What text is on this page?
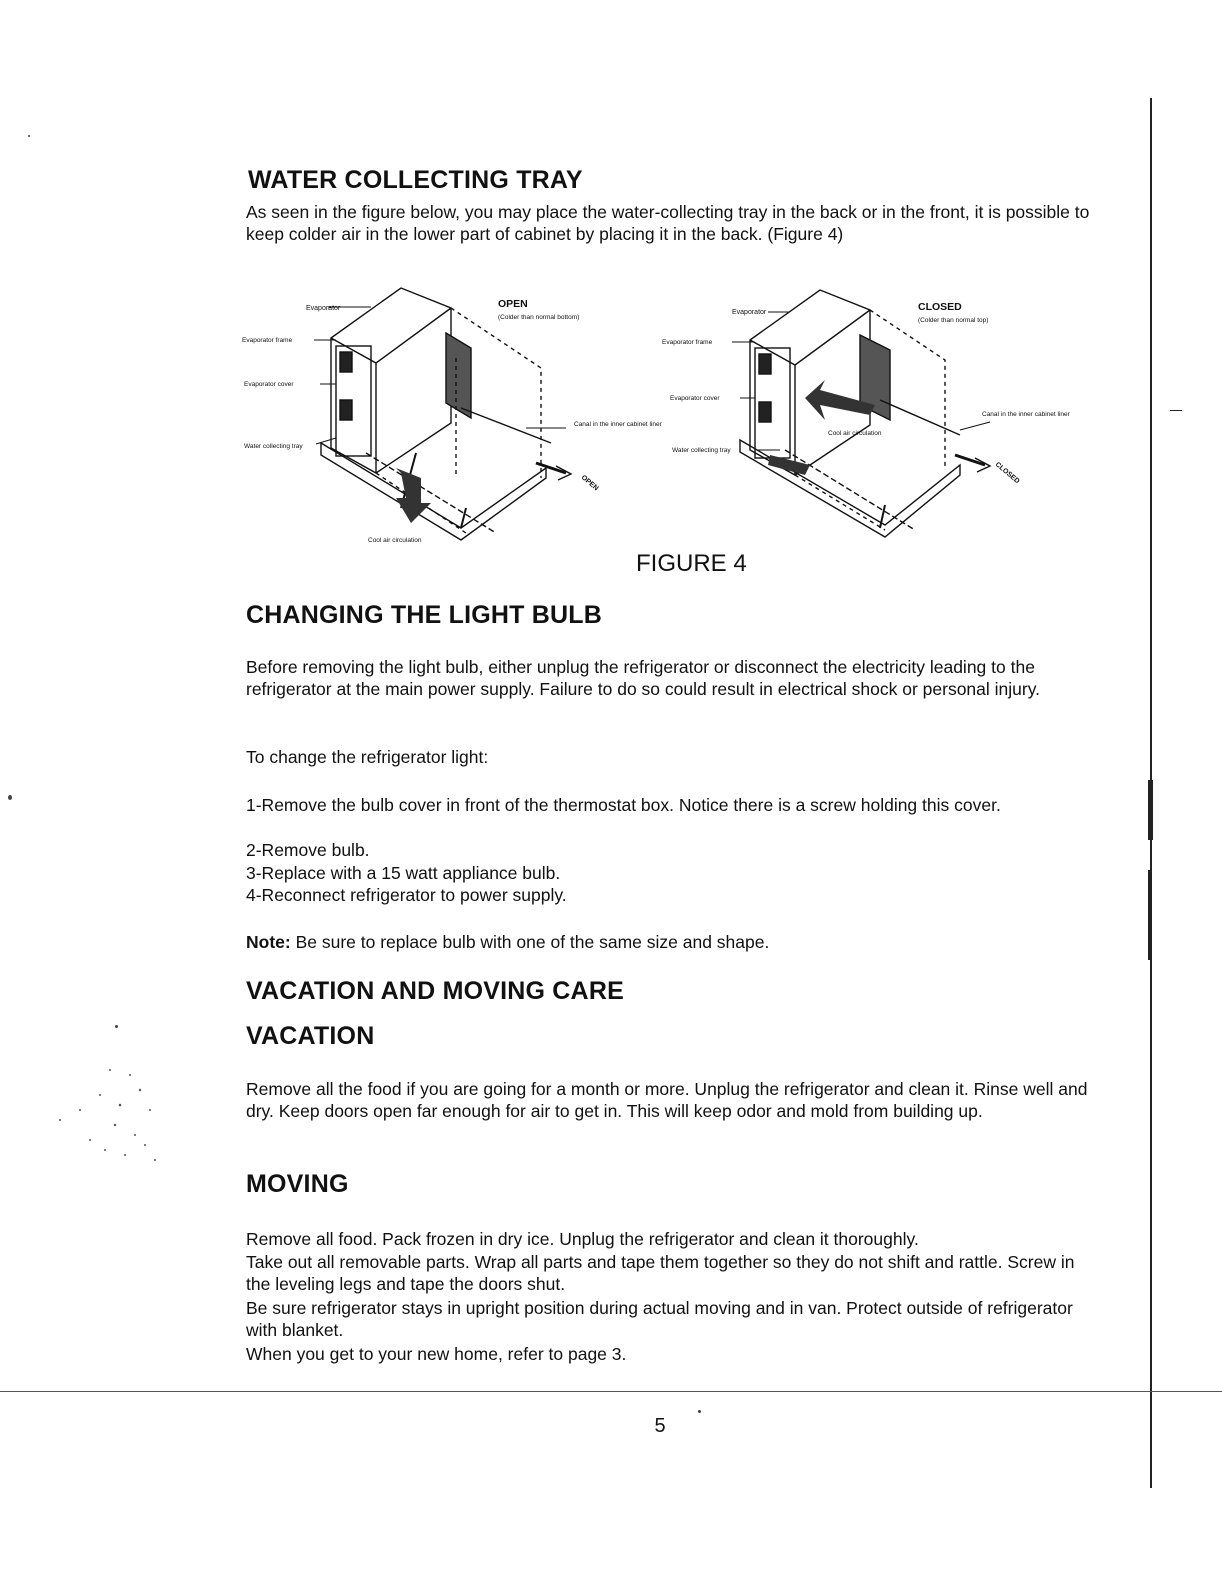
WATER COLLECTING TRAY

As seen in the figure below, you may place the water-collecting tray in the back or in the front, it is possible to keep colder air in the lower part of cabinet by placing it in the back. (Figure 4)

Evaporator
Evaporator frame
Evaporator cover
Water collecting tray
OPEN
(Colder than normal bottom)
Canal in the inner cabinet liner
Cool air circulation
OPEN
Evaporator
Evaporator frame
Evaporator cover
Water collecting tray
CLOSED
(Colder than normal top)
Canal in the inner cabinet liner
Cool air circulation
CLOSED
FIGURE 4
CHANGING THE LIGHT BULB

Before removing the light bulb, either unplug the refrigerator or disconnect the electricity leading to the refrigerator at the main power supply. Failure to do so could result in electrical shock or personal injury.

To change the refrigerator light:

1-Remove the bulb cover in front of the thermostat box. Notice there is a screw holding this cover.

2-Remove bulb.

3-Replace with a 15 watt appliance bulb.

4-Reconnect refrigerator to power supply.

Note: Be sure to replace bulb with one of the same size and shape.

VACATION AND MOVING CARE
VACATION

Remove all the food if you are going for a month or more. Unplug the refrigerator and clean it. Rinse well and dry. Keep doors open far enough for air to get in. This will keep odor and mold from building up.

MOVING

Remove all food. Pack frozen in dry ice. Unplug the refrigerator and clean it thoroughly.

Take out all removable parts. Wrap all parts and tape them together so they do not shift and rattle. Screw in the leveling legs and tape the doors shut.

Be sure refrigerator stays in upright position during actual moving and in van. Protect outside of refrigerator with blanket.

When you get to your new home, refer to page 3.

5
